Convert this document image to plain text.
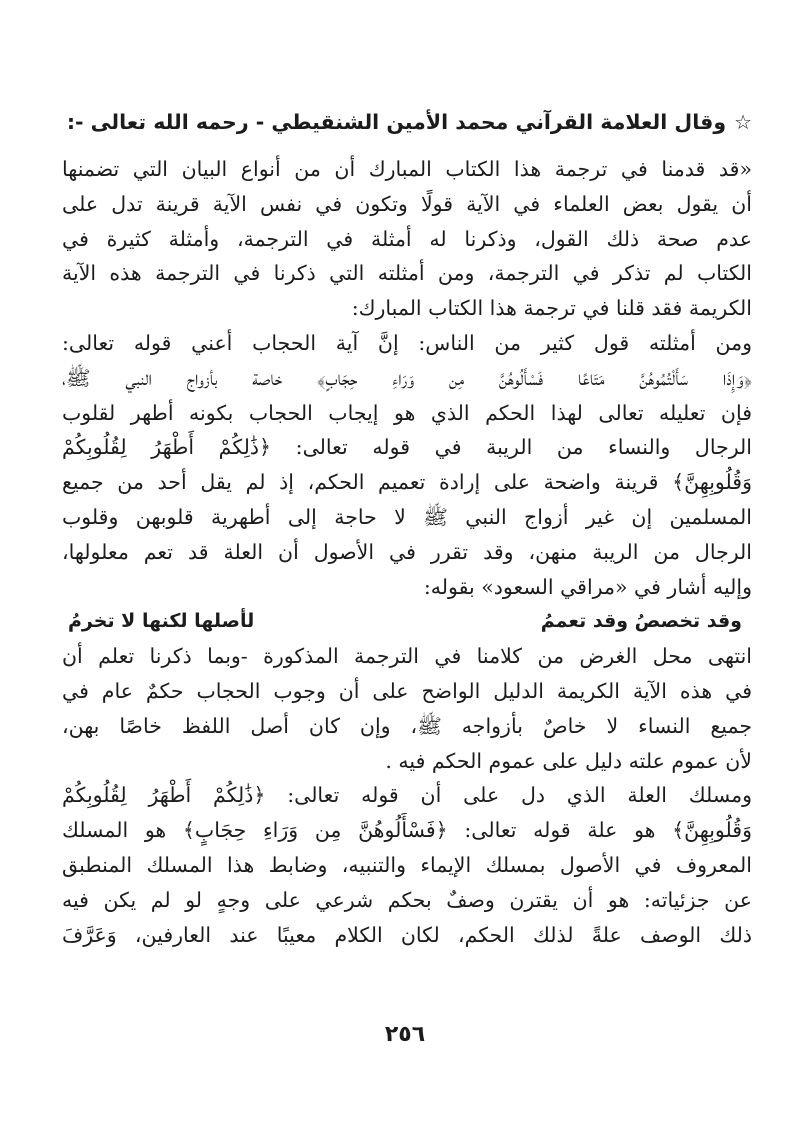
☆وقال العلامة القرآني محمد الأمين الشنقيطي - رحمه الله تعالى -:
«قد قدمنا في ترجمة هذا الكتاب المبارك أن من أنواع البيان التي تضمنها
أن يقول بعض العلماء في الآية قولًا وتكون في نفس الآية قرينة تدل على
عدم صحة ذلك القول، وذكرنا له أمثلة في الترجمة، وأمثلة كثيرة في
الكتاب لم تذكر في الترجمة، ومن أمثلته التي ذكرنا في الترجمة هذه الآية
الكريمة فقد قلنا في ترجمة هذا الكتاب المبارك:
ومن أمثلته قول كثير من الناس: إنَّ آية الحجاب أعني قوله تعالى:
﴿وَإِذَا سَأَلْتُمُوهُنَّ مَتَاعًا فَسْأَلُوهُنَّ مِن وَرَاءِ حِجَابٍ﴾ خاصة بأزواج النبي ﷺ،
فإن تعليله تعالى لهذا الحكم الذي هو إيجاب الحجاب بكونه أطهر لقلوب
الرجال والنساء من الريبة في قوله تعالى: ﴿ذَٰلِكُمْ أَطْهَرُ لِقُلُوبِكُمْ
وَقُلُوبِهِنَّ﴾ قرينة واضحة على إرادة تعميم الحكم، إذ لم يقل أحد من جميع
المسلمين إن غير أزواج النبي ﷺ لا حاجة إلى أطهرية قلوبهن وقلوب
الرجال من الريبة منهن، وقد تقرر في الأصول أن العلة قد تعم معلولها،
وإليه أشار في «مراقي السعود» بقوله:
وقد تخصصُ وقد تعممُ
لأصلها لكنها لا تخرمُ
انتهى محل الغرض من كلامنا في الترجمة المذكورة -وبما ذكرنا تعلم أن
في هذه الآية الكريمة الدليل الواضح على أن وجوب الحجاب حكمٌ عام في
جميع النساء لا خاصٌ بأزواجه ﷺ، وإن كان أصل اللفظ خاصًا بهن،
لأن عموم علته دليل على عموم الحكم فيه .
ومسلك العلة الذي دل على أن قوله تعالى: ﴿ذَٰلِكُمْ أَطْهَرُ لِقُلُوبِكُمْ
وَقُلُوبِهِنَّ﴾ هو علة قوله تعالى: ﴿فَسْأَلُوهُنَّ مِن وَرَاءِ حِجَابٍ﴾ هو المسلك
المعروف في الأصول بمسلك الإيماء والتنبيه، وضابط هذا المسلك المنطبق
عن جزئياته: هو أن يقترن وصفٌ بحكم شرعي على وجهٍ لو لم يكن فيه
ذلك الوصف علةً لذلك الحكم، لكان الكلام معيبًا عند العارفين، وَعَرَّفَ
٢٥٦
